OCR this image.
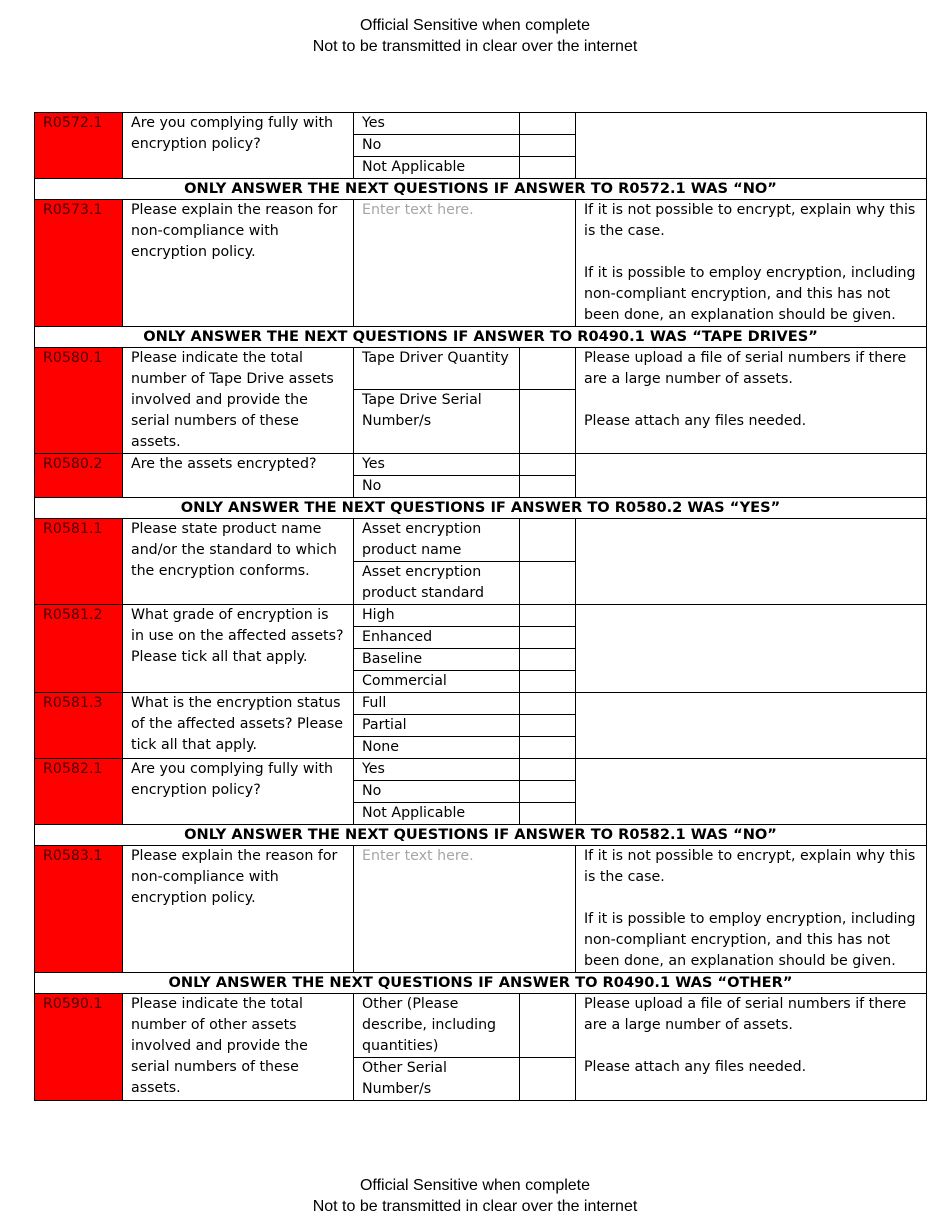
Official Sensitive when complete
Not to be transmitted in clear over the internet
R0572.1	Are you complying fully with encryption policy?	Yes		
		No		
		Not Applicable		
ONLY ANSWER THE NEXT QUESTIONS IF ANSWER TO R0572.1 WAS “NO”				
R0573.1	Please explain the reason for non-compliance with encryption policy.	Enter text here.		If it is not possible to encrypt, explain why this is the case.
If it is possible to employ encryption, including non-compliant encryption, and this has not been done, an explanation should be given.
ONLY ANSWER THE NEXT QUESTIONS IF ANSWER TO R0490.1 WAS “TAPE DRIVES”				
R0580.1	Please indicate the total number of Tape Drive assets involved and provide the serial numbers of these assets.	Tape Driver Quantity		Please upload a file of serial numbers if there are a large number of assets.
Please attach any files needed.
		Tape Drive Serial Number/s		
R0580.2	Are the assets encrypted?	Yes		
		No		
ONLY ANSWER THE NEXT QUESTIONS IF ANSWER TO R0580.2 WAS “YES”				
R0581.1	Please state product name and/or the standard to which the encryption conforms.	Asset encryption product name		
		Asset encryption product standard		
R0581.2	What grade of encryption is in use on the affected assets? Please tick all that apply.	High		
		Enhanced		
		Baseline		
		Commercial		
R0581.3	What is the encryption status of the affected assets? Please tick all that apply.	Full		
		Partial		
		None		
R0582.1	Are you complying fully with encryption policy?	Yes		
		No		
		Not Applicable		
ONLY ANSWER THE NEXT QUESTIONS IF ANSWER TO R0582.1 WAS “NO”				
R0583.1	Please explain the reason for non-compliance with encryption policy.	Enter text here.		If it is not possible to encrypt, explain why this is the case.
If it is possible to employ encryption, including non-compliant encryption, and this has not been done, an explanation should be given.
ONLY ANSWER THE NEXT QUESTIONS IF ANSWER TO R0490.1 WAS “OTHER”				
R0590.1	Please indicate the total number of other assets involved and provide the serial numbers of these assets.	Other (Please describe, including quantities)		Please upload a file of serial numbers if there are a large number of assets.
Please attach any files needed.
		Other Serial Number/s		
Official Sensitive when complete
Not to be transmitted in clear over the internet
